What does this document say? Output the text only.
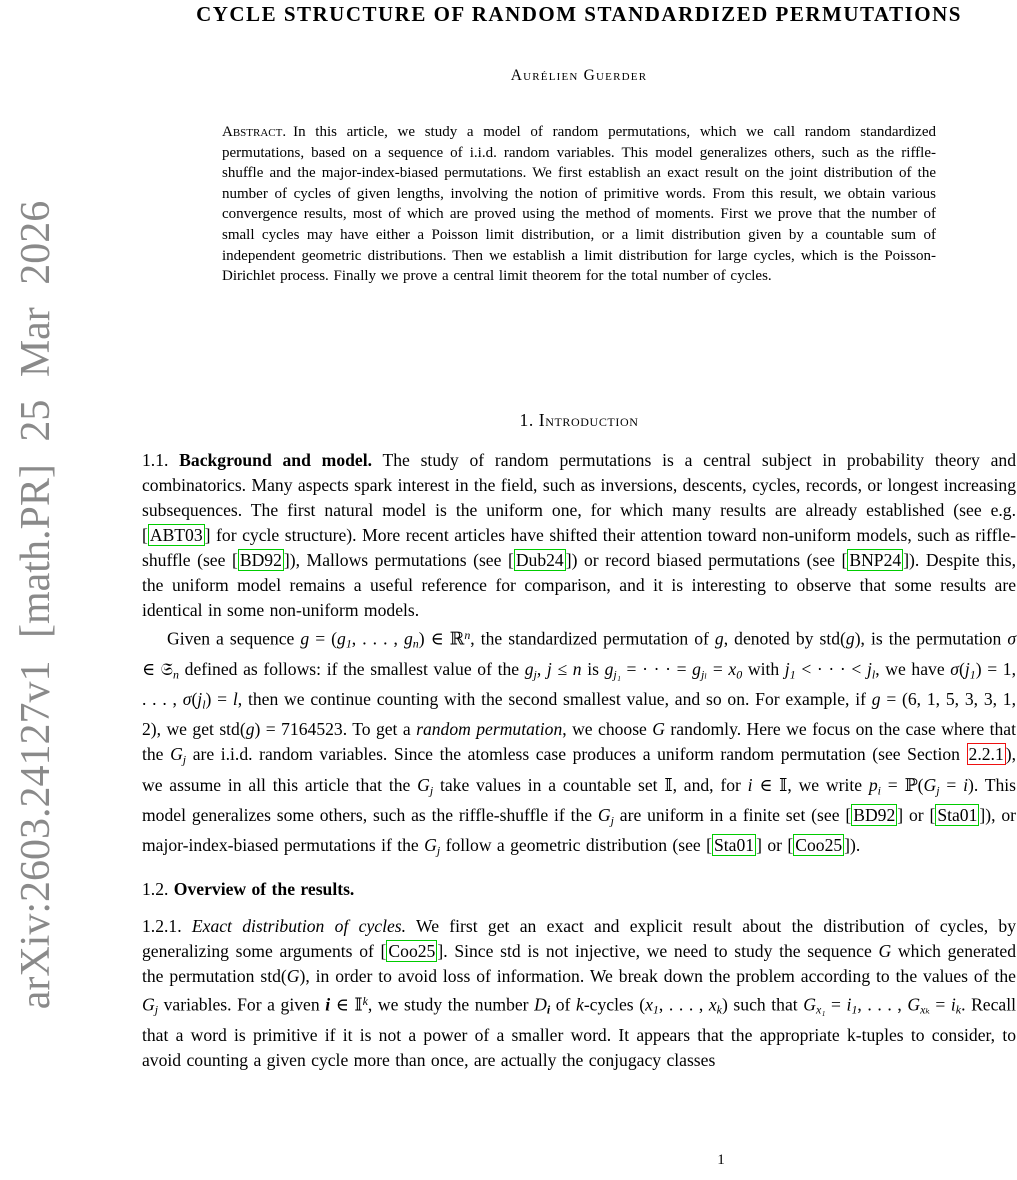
arXiv:2603.24127v1 [math.PR] 25 Mar 2026
CYCLE STRUCTURE OF RANDOM STANDARDIZED PERMUTATIONS
Aurélien Guerder
Abstract. In this article, we study a model of random permutations, which we call random standardized permutations, based on a sequence of i.i.d. random variables. This model generalizes others, such as the riffle-shuffle and the major-index-biased permutations. We first establish an exact result on the joint distribution of the number of cycles of given lengths, involving the notion of primitive words. From this result, we obtain various convergence results, most of which are proved using the method of moments. First we prove that the number of small cycles may have either a Poisson limit distribution, or a limit distribution given by a countable sum of independent geometric distributions. Then we establish a limit distribution for large cycles, which is the Poisson-Dirichlet process. Finally we prove a central limit theorem for the total number of cycles.
1. Introduction
1.1. Background and model. The study of random permutations is a central subject in probability theory and combinatorics. Many aspects spark interest in the field, such as inversions, descents, cycles, records, or longest increasing subsequences. The first natural model is the uniform one, for which many results are already established (see e.g. [ ABT03 ] for cycle structure). More recent articles have shifted their attention toward non-uniform models, such as riffle-shuffle (see [ BD92 ]), Mallows permutations (see [ Dub24 ]) or record biased permutations (see [ BNP24 ]). Despite this, the uniform model remains a useful reference for comparison, and it is interesting to observe that some results are identical in some non-uniform models.
Given a sequence g = (g1, . . . , gn) ∈ ℝ$^n$, the standardized permutation of g, denoted by std(g), is the permutation σ ∈ 𝔖n defined as follows: if the smallest value of the gj, j ≤ n is gj₁ = · · · = gjₗ = x0 with j1 < · · · < jl, we have σ(j1) = 1, . . . , σ(jl) = l, then we continue counting with the second smallest value, and so on. For example, if g = (6, 1, 5, 3, 3, 1, 2), we get std(g) = 7164523. To get a random permutation, we choose G randomly. Here we focus on the case where that the Gj are i.i.d. random variables. Since the atomless case produces a uniform random permutation (see Section 2.2.1 ), we assume in all this article that the Gj take values in a countable set 𝕀, and, for i ∈ 𝕀, we write pi = ℙ(Gj = i). This model generalizes some others, such as the riffle-shuffle if the Gj are uniform in a finite set (see [ BD92 ] or [ Sta01 ]), or major-index-biased permutations if the Gj follow a geometric distribution (see [ Sta01 ] or [ Coo25 ]).
1.2. Overview of the results.
1.2.1. Exact distribution of cycles. We first get an exact and explicit result about the distribution of cycles, by generalizing some arguments of [ Coo25 ]. Since std is not injective, we need to study the sequence G which generated the permutation std(G), in order to avoid loss of information. We break down the problem according to the values of the Gj variables. For a given i ∈ 𝕀$^k$, we study the number Di of k-cycles (x1, . . . , xk) such that Gx₁ = i1, . . . , Gxₖ = ik. Recall that a word is primitive if it is not a power of a smaller word. It appears that the appropriate k-tuples to consider, to avoid counting a given cycle more than once, are actually the conjugacy classes
1
